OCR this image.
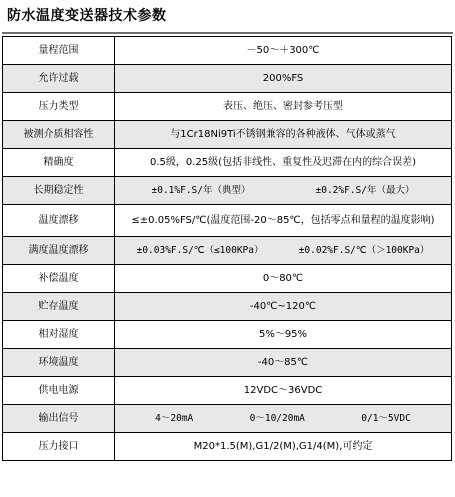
防水温度变送器技术参数
量程范围	－50～＋300℃
允许过载	200%FS
压力类型	表压、绝压、密封参考压型
被测介质相容性	与1Cr18Ni9Ti不锈钢兼容的各种液体、气体或蒸气
精确度	0.5级，0.25级(包括非线性、重复性及迟滞在内的综合误差)
长期稳定性	±0.1%F.S/年（典型） ±0.2%F.S/年（最大）

温度漂移	≤±0.05%FS/℃(温度范围-20～85℃，包括零点和量程的温度影响)

满度温度漂移	±0.03%F.S/℃（≤100KPa） ±0.02%F.S/℃（＞100KPa）

补偿温度	0～80℃
贮存温度	-40℃~120℃
相对湿度	5%～95%
环境温度	-40～85℃
供电电源	12VDC～36VDC
输出信号	4～20mA 0～10/20mA 0/1～5VDC

压力接口	M20*1.5(M),G1/2(M),G1/4(M),可约定
